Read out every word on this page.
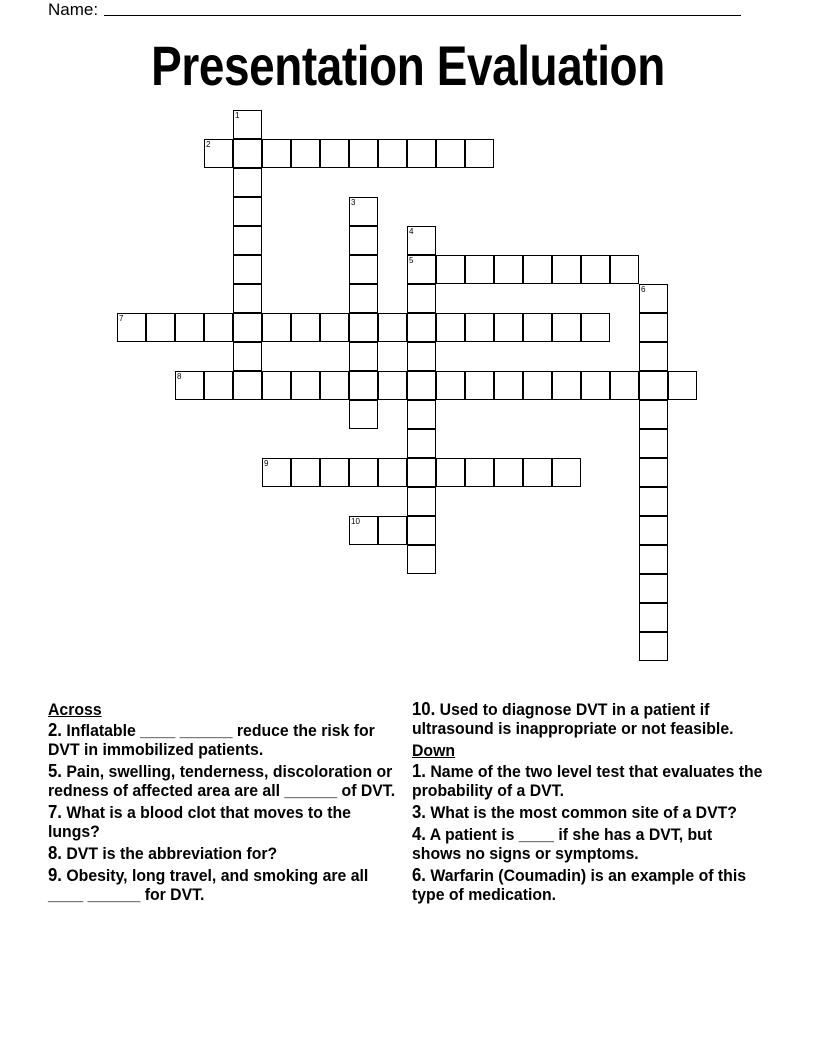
Name:
Presentation Evaluation
1
2
3
4
5
6
7
8
9
10
Across
2. Inflatable ____ ______ reduce the risk for DVT in immobilized patients.
5. Pain, swelling, tenderness, discoloration or redness of affected area are all ______ of DVT.
7. What is a blood clot that moves to the lungs?
8. DVT is the abbreviation for?
9. Obesity, long travel, and smoking are all ____ ______ for DVT.
10. Used to diagnose DVT in a patient if ultrasound is inappropriate or not feasible.
Down
1. Name of the two level test that evaluates the probability of a DVT.
3. What is the most common site of a DVT?
4. A patient is ____ if she has a DVT, but shows no signs or symptoms.
6. Warfarin (Coumadin) is an example of this type of medication.
